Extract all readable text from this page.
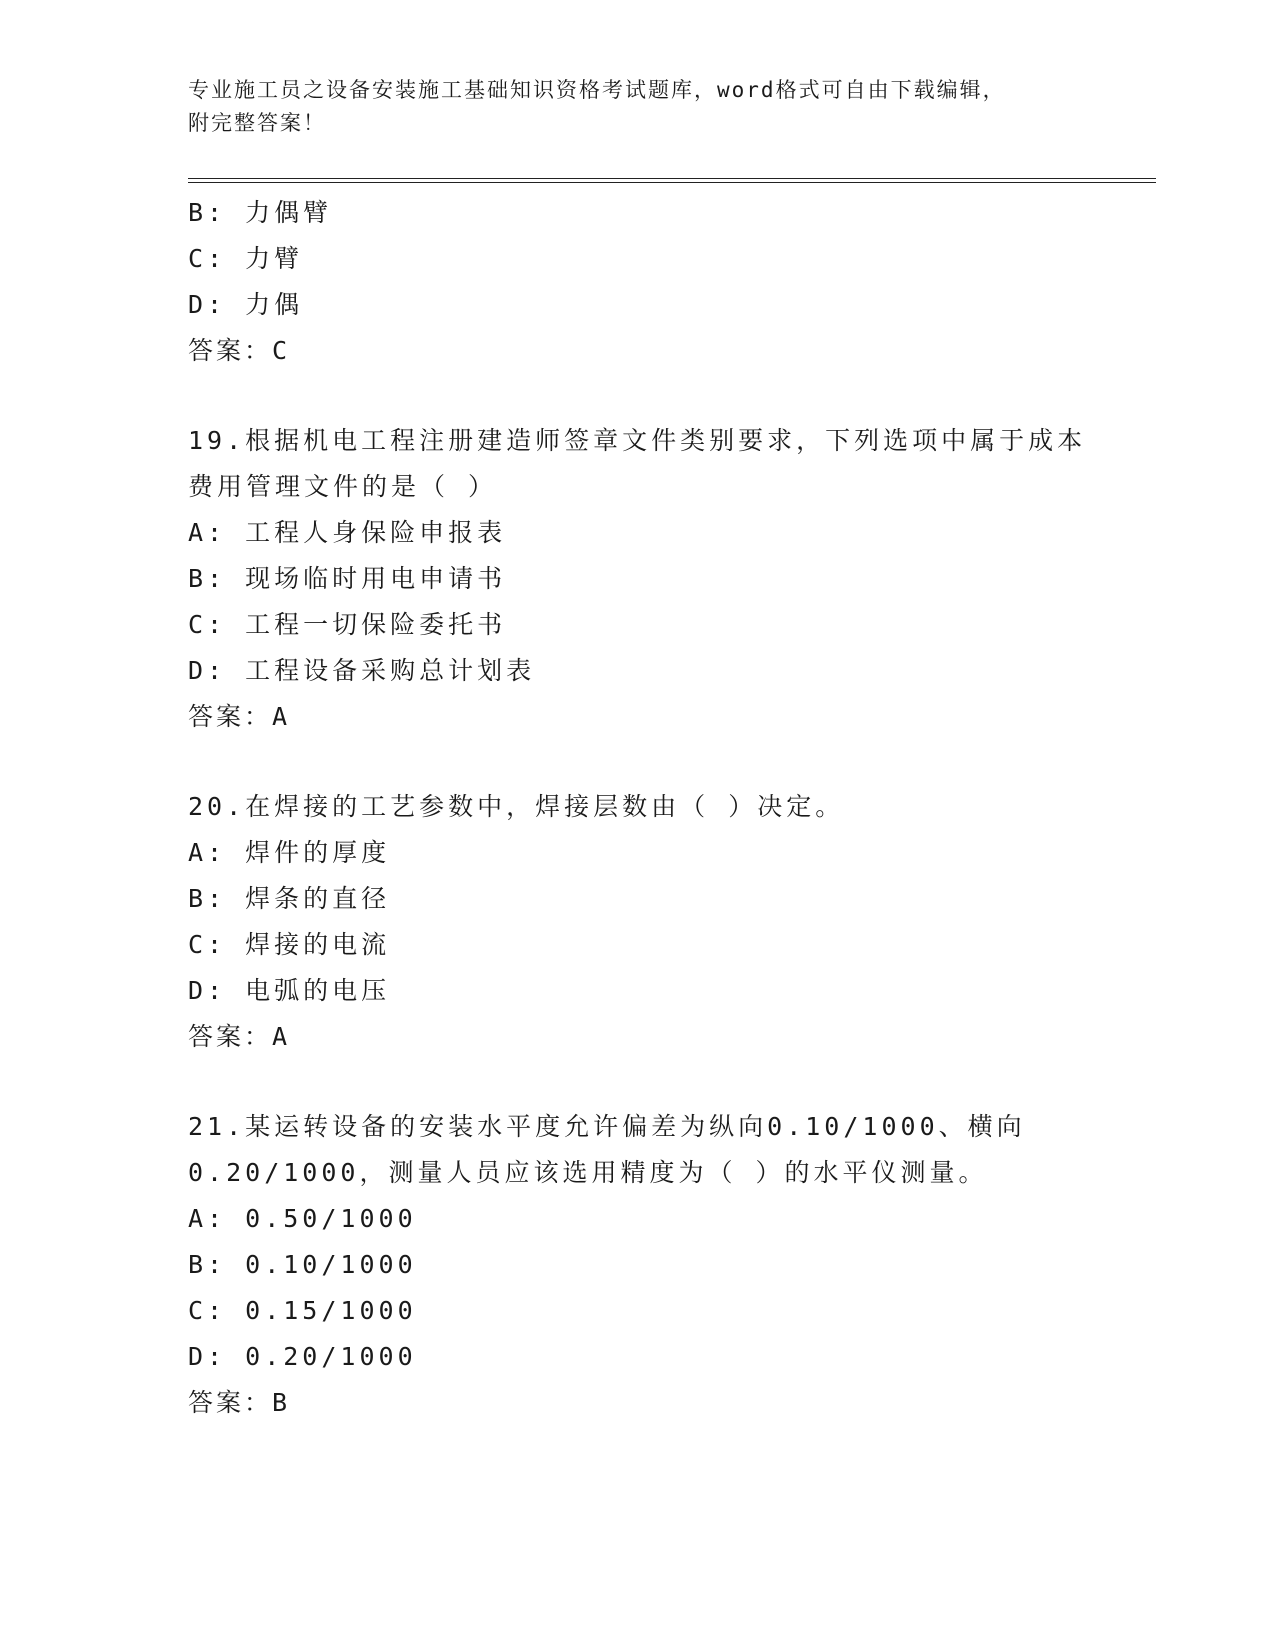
专业施工员之设备安装施工基础知识资格考试题库，word格式可自由下载编辑，
附完整答案！
B: 力偶臂
C: 力臂
D: 力偶
答案：C
19.根据机电工程注册建造师签章文件类别要求，下列选项中属于成本
费用管理文件的是（ ）
A: 工程人身保险申报表
B: 现场临时用电申请书
C: 工程一切保险委托书
D: 工程设备采购总计划表
答案：A
20.在焊接的工艺参数中，焊接层数由（ ）决定。
A: 焊件的厚度
B: 焊条的直径
C: 焊接的电流
D: 电弧的电压
答案：A
21.某运转设备的安装水平度允许偏差为纵向0.10/1000、横向
0.20/1000，测量人员应该选用精度为（ ）的水平仪测量。
A: 0.50/1000
B: 0.10/1000
C: 0.15/1000
D: 0.20/1000
答案：B
